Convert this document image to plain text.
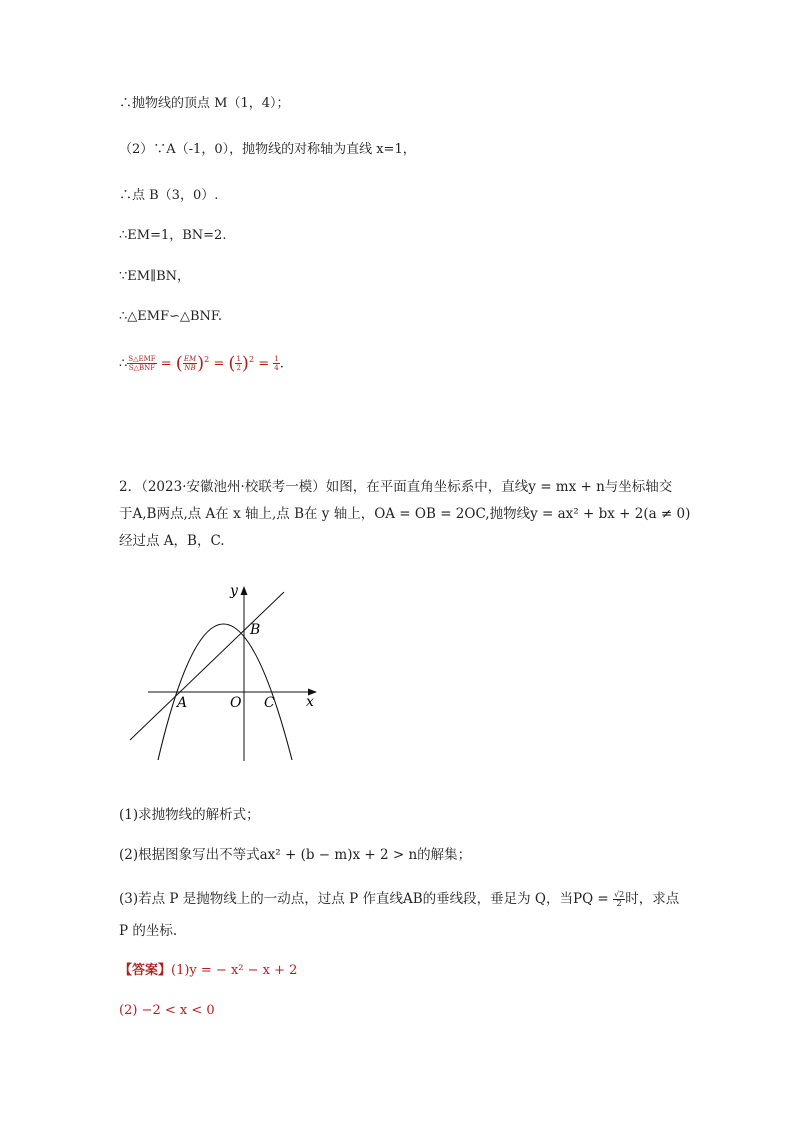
∴抛物线的顶点 M（1，4）；
（2）∵A（-1，0），抛物线的对称轴为直线 x=1，
∴点 B（3，0）.
∴EM=1，BN=2.
∵EM∥BN，
∴△EMF∽△BNF.
∴ $\frac{\text{S△EMF}}{\text{S△BNF}}$ = ( $\frac{EM}{NB} )^2$ = ( $\frac{1}{2} )^2 = \frac{1}{4}$ .
2．（2023·安徽池州·校联考一模）如图，在平面直角坐标系中，直线y = mx + n与坐标轴交
于A,B两点,点 A在 x 轴上,点 B在 y 轴上，OA = OB = 2OC,抛物线y = ax² + bx + 2(a ≠ 0)
经过点 A，B，C.
y
x
A
B
O C
(1)求抛物线的解析式；
(2)根据图象写出不等式ax² + (b − m)x + 2 > n的解集；
(3)若点 P 是抛物线上的一动点，过点 P 作直线AB的垂线段，垂足为 Q，当PQ = $\frac{√2}{2}$ 时，求点
P 的坐标.
【答案】(1)y = − x² − x + 2
(2) −2 < x < 0
